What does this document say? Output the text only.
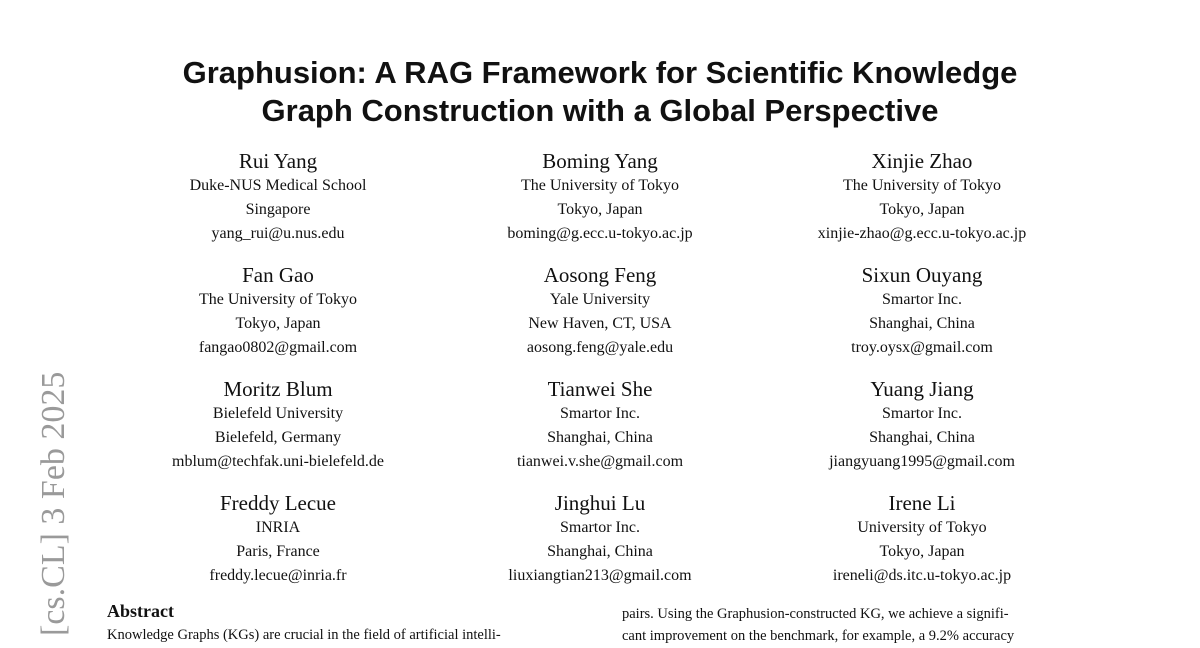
[cs.CL] 3 Feb 2025
Graphusion: A RAG Framework for Scientific Knowledge
Graph Construction with a Global Perspective
Rui Yang
Duke-NUS Medical School
Singapore
yang_rui@u.nus.edu
Boming Yang
The University of Tokyo
Tokyo, Japan
boming@g.ecc.u-tokyo.ac.jp
Xinjie Zhao
The University of Tokyo
Tokyo, Japan
xinjie-zhao@g.ecc.u-tokyo.ac.jp
Fan Gao
The University of Tokyo
Tokyo, Japan
fangao0802@gmail.com
Aosong Feng
Yale University
New Haven, CT, USA
aosong.feng@yale.edu
Sixun Ouyang
Smartor Inc.
Shanghai, China
troy.oysx@gmail.com
Moritz Blum
Bielefeld University
Bielefeld, Germany
mblum@techfak.uni-bielefeld.de
Tianwei She
Smartor Inc.
Shanghai, China
tianwei.v.she@gmail.com
Yuang Jiang
Smartor Inc.
Shanghai, China
jiangyuang1995@gmail.com
Freddy Lecue
INRIA
Paris, France
freddy.lecue@inria.fr
Jinghui Lu
Smartor Inc.
Shanghai, China
liuxiangtian213@gmail.com
Irene Li
University of Tokyo
Tokyo, Japan
ireneli@ds.itc.u-tokyo.ac.jp
Abstract
Knowledge Graphs (KGs) are crucial in the field of artificial intelli-
pairs. Using the Graphusion-constructed KG, we achieve a signifi-
cant improvement on the benchmark, for example, a 9.2% accuracy
